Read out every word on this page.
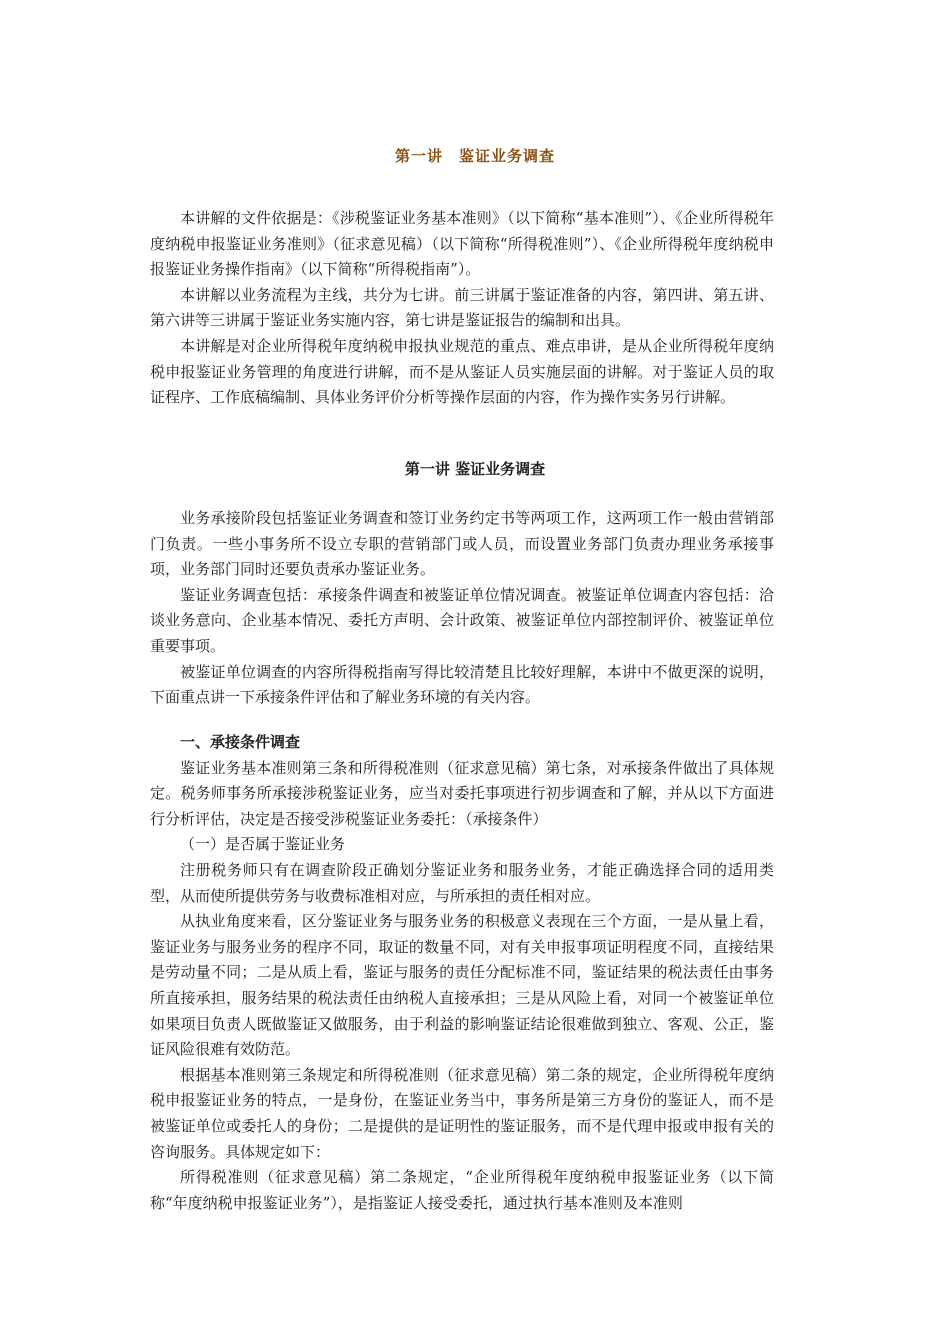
第一讲　鉴证业务调查

本讲解的文件依据是：《涉税鉴证业务基本准则》（以下简称“基本准则”）、《企业所得税年度纳税申报鉴证业务准则》（征求意见稿）（以下简称“所得税准则”）、《企业所得税年度纳税申报鉴证业务操作指南》（以下简称“所得税指南”）。

本讲解以业务流程为主线，共分为七讲。前三讲属于鉴证准备的内容，第四讲、第五讲、第六讲等三讲属于鉴证业务实施内容，第七讲是鉴证报告的编制和出具。

本讲解是对企业所得税年度纳税申报执业规范的重点、难点串讲，是从企业所得税年度纳税申报鉴证业务管理的角度进行讲解，而不是从鉴证人员实施层面的讲解。对于鉴证人员的取证程序、工作底稿编制、具体业务评价分析等操作层面的内容，作为操作实务另行讲解。

第一讲 鉴证业务调查

业务承接阶段包括鉴证业务调查和签订业务约定书等两项工作，这两项工作一般由营销部门负责。一些小事务所不设立专职的营销部门或人员，而设置业务部门负责办理业务承接事项，业务部门同时还要负责承办鉴证业务。

鉴证业务调查包括：承接条件调查和被鉴证单位情况调查。被鉴证单位调查内容包括：洽谈业务意向、企业基本情况、委托方声明、会计政策、被鉴证单位内部控制评价、被鉴证单位重要事项。

被鉴证单位调查的内容所得税指南写得比较清楚且比较好理解，本讲中不做更深的说明，下面重点讲一下承接条件评估和了解业务环境的有关内容。

一、承接条件调查

鉴证业务基本准则第三条和所得税准则（征求意见稿）第七条，对承接条件做出了具体规定。税务师事务所承接涉税鉴证业务，应当对委托事项进行初步调查和了解，并从以下方面进行分析评估，决定是否接受涉税鉴证业务委托：（承接条件）

（一）是否属于鉴证业务

注册税务师只有在调查阶段正确划分鉴证业务和服务业务，才能正确选择合同的适用类型，从而使所提供劳务与收费标准相对应，与所承担的责任相对应。

从执业角度来看，区分鉴证业务与服务业务的积极意义表现在三个方面，一是从量上看，鉴证业务与服务业务的程序不同，取证的数量不同，对有关申报事项证明程度不同，直接结果是劳动量不同；二是从质上看，鉴证与服务的责任分配标准不同，鉴证结果的税法责任由事务所直接承担，服务结果的税法责任由纳税人直接承担；三是从风险上看，对同一个被鉴证单位如果项目负责人既做鉴证又做服务，由于利益的影响鉴证结论很难做到独立、客观、公正，鉴证风险很难有效防范。

根据基本准则第三条规定和所得税准则（征求意见稿）第二条的规定，企业所得税年度纳税申报鉴证业务的特点，一是身份，在鉴证业务当中，事务所是第三方身份的鉴证人，而不是被鉴证单位或委托人的身份；二是提供的是证明性的鉴证服务，而不是代理申报或申报有关的咨询服务。具体规定如下：

所得税准则（征求意见稿）第二条规定，“企业所得税年度纳税申报鉴证业务（以下简称“年度纳税申报鉴证业务”），是指鉴证人接受委托，通过执行基本准则及本准则
